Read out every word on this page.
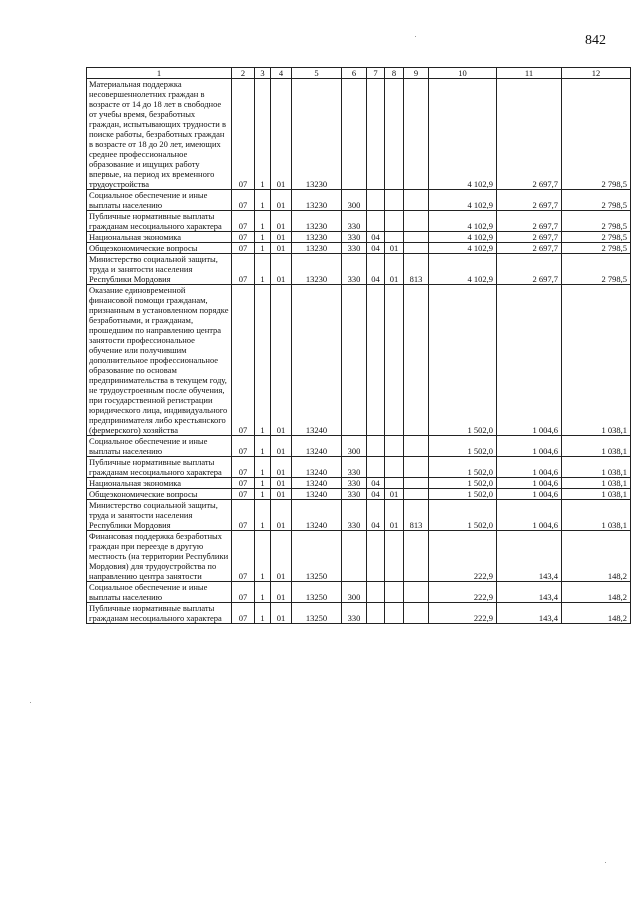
842
1	2	3	4	5	6	7	8	9	10	11	12
Материальная поддержка несовершеннолетних граждан в возрасте от 14 до 18 лет в свободное от учебы время, безработных граждан, испытывающих трудности в поиске работы, безработных граждан в возрасте от 18 до 20 лет, имеющих среднее профессиональное образование и ищущих работу впервые, на период их временного трудоустройства	07	1	01	13230					4 102,9	2 697,7	2 798,5
Социальное обеспечение и иные выплаты населению	07	1	01	13230	300				4 102,9	2 697,7	2 798,5
Публичные нормативные выплаты гражданам несоциального характера	07	1	01	13230	330				4 102,9	2 697,7	2 798,5
Национальная экономика	07	1	01	13230	330	04			4 102,9	2 697,7	2 798,5
Общеэкономические вопросы	07	1	01	13230	330	04	01		4 102,9	2 697,7	2 798,5
Министерство социальной защиты, труда и занятости населения Республики Мордовия	07	1	01	13230	330	04	01	813	4 102,9	2 697,7	2 798,5
Оказание единовременной финансовой помощи гражданам, признанным в установленном порядке безработными, и гражданам, прошедшим по направлению центра занятости профессиональное обучение или получившим дополнительное профессиональное образование по основам предпринимательства в текущем году, не трудоустроенным после обучения, при государственной регистрации юридического лица, индивидуального предпринимателя либо крестьянского (фермерского) хозяйства	07	1	01	13240					1 502,0	1 004,6	1 038,1
Социальное обеспечение и иные выплаты населению	07	1	01	13240	300				1 502,0	1 004,6	1 038,1
Публичные нормативные выплаты гражданам несоциального характера	07	1	01	13240	330				1 502,0	1 004,6	1 038,1
Национальная экономика	07	1	01	13240	330	04			1 502,0	1 004,6	1 038,1
Общеэкономические вопросы	07	1	01	13240	330	04	01		1 502,0	1 004,6	1 038,1
Министерство социальной защиты, труда и занятости населения Республики Мордовия	07	1	01	13240	330	04	01	813	1 502,0	1 004,6	1 038,1
Финансовая поддержка безработных граждан при переезде в другую местность (на территории Республики Мордовия) для трудоустройства по направлению центра занятости	07	1	01	13250					222,9	143,4	148,2
Социальное обеспечение и иные выплаты населению	07	1	01	13250	300				222,9	143,4	148,2
Публичные нормативные выплаты гражданам несоциального характера	07	1	01	13250	330				222,9	143,4	148,2
